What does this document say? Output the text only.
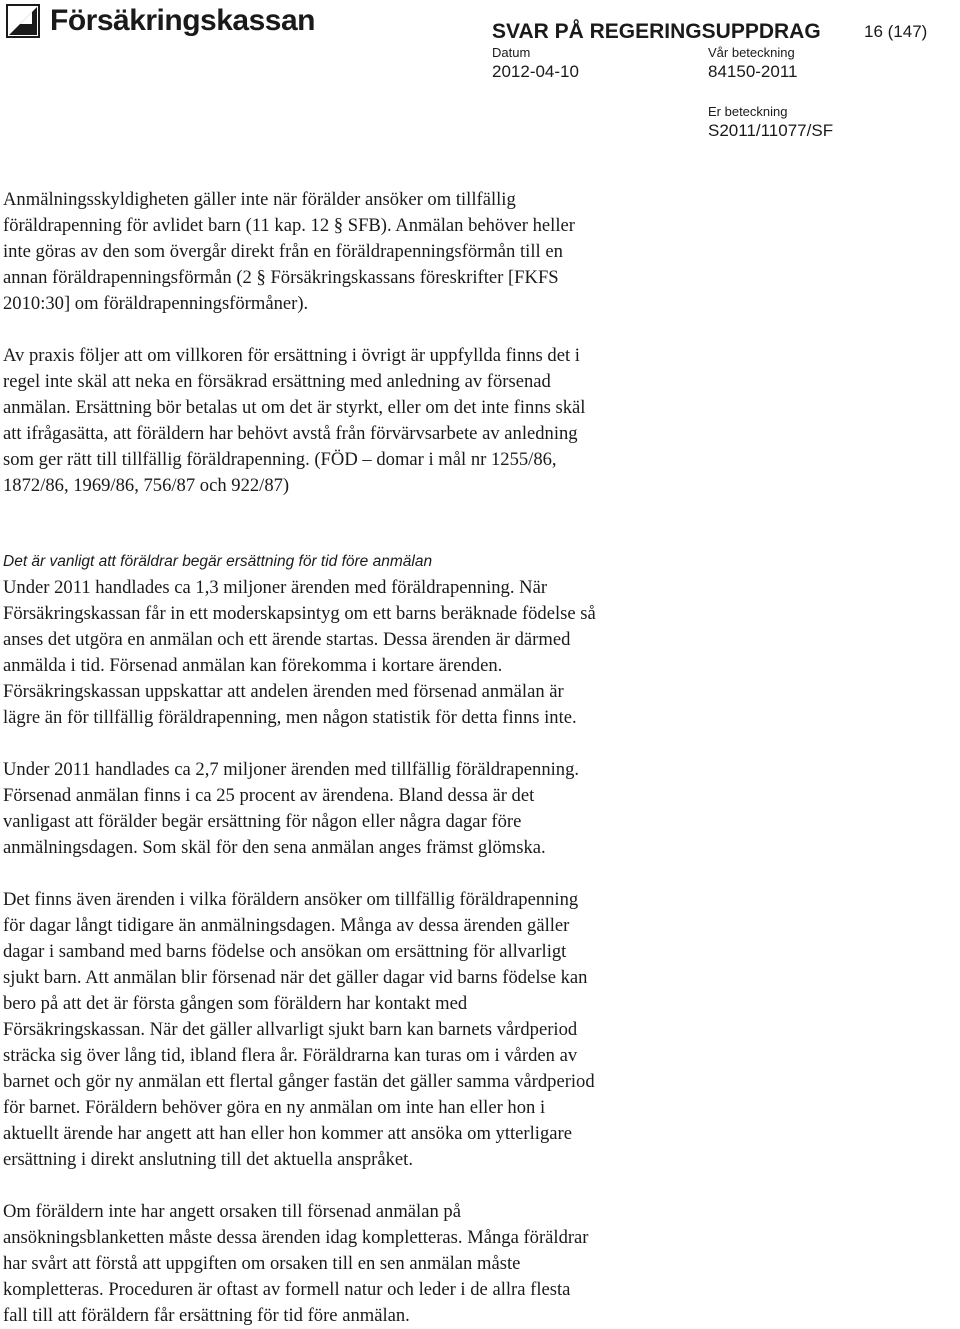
Försäkringskassan	SVAR PÅ REGERINGSUPPDRAG	16 (147)
Datum
2012-04-10
Vår beteckning
84150-2011
Er beteckning
S2011/11077/SF

Anmälningsskyldigheten gäller inte när förälder ansöker om tillfällig
föräldrapenning för avlidet barn (11 kap. 12 § SFB). Anmälan behöver heller
inte göras av den som övergår direkt från en föräldrapenningsförmån till en
annan föräldrapenningsförmån (2 § Försäkringskassans föreskrifter [FKFS
2010:30] om föräldrapenningsförmåner).

Av praxis följer att om villkoren för ersättning i övrigt är uppfyllda finns det i
regel inte skäl att neka en försäkrad ersättning med anledning av försenad
anmälan. Ersättning bör betalas ut om det är styrkt, eller om det inte finns skäl
att ifrågasätta, att föräldern har behövt avstå från förvärvsarbete av anledning
som ger rätt till tillfällig föräldrapenning. (FÖD – domar i mål nr 1255/86,
1872/86, 1969/86, 756/87 och 922/87)

Det är vanligt att föräldrar begär ersättning för tid före anmälan

Under 2011 handlades ca 1,3 miljoner ärenden med föräldrapenning. När
Försäkringskassan får in ett moderskapsintyg om ett barns beräknade födelse så
anses det utgöra en anmälan och ett ärende startas. Dessa ärenden är därmed
anmälda i tid. Försenad anmälan kan förekomma i kortare ärenden.
Försäkringskassan uppskattar att andelen ärenden med försenad anmälan är
lägre än för tillfällig föräldrapenning, men någon statistik för detta finns inte.

Under 2011 handlades ca 2,7 miljoner ärenden med tillfällig föräldrapenning.
Försenad anmälan finns i ca 25 procent av ärendena. Bland dessa är det
vanligast att förälder begär ersättning för någon eller några dagar före
anmälningsdagen. Som skäl för den sena anmälan anges främst glömska.

Det finns även ärenden i vilka föräldern ansöker om tillfällig föräldrapenning
för dagar långt tidigare än anmälningsdagen. Många av dessa ärenden gäller
dagar i samband med barns födelse och ansökan om ersättning för allvarligt
sjukt barn. Att anmälan blir försenad när det gäller dagar vid barns födelse kan
bero på att det är första gången som föräldern har kontakt med
Försäkringskassan. När det gäller allvarligt sjukt barn kan barnets vårdperiod
sträcka sig över lång tid, ibland flera år. Föräldrarna kan turas om i vården av
barnet och gör ny anmälan ett flertal gånger fastän det gäller samma vårdperiod
för barnet. Föräldern behöver göra en ny anmälan om inte han eller hon i
aktuellt ärende har angett att han eller hon kommer att ansöka om ytterligare
ersättning i direkt anslutning till det aktuella anspråket.

Om föräldern inte har angett orsaken till försenad anmälan på
ansökningsblanketten måste dessa ärenden idag kompletteras. Många föräldrar
har svårt att förstå att uppgiften om orsaken till en sen anmälan måste
kompletteras. Proceduren är oftast av formell natur och leder i de allra flesta
fall till att föräldern får ersättning för tid före anmälan.
